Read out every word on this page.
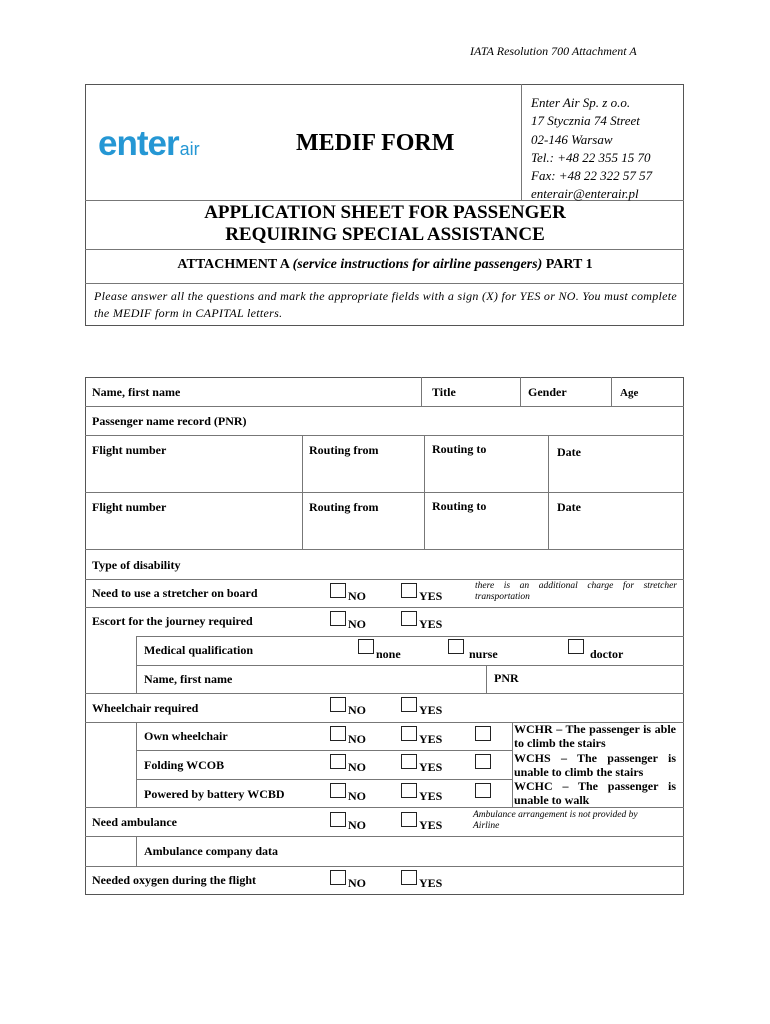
IATA Resolution 700 Attachment A
enterair	MEDIF FORM
Enter Air Sp. z o.o.
17 Stycznia 74 Street
02-146 Warsaw
Tel.: +48 22 355 15 70
Fax: +48 22 322 57 57
enterair@enterair.pl
APPLICATION SHEET FOR PASSENGER
REQUIRING SPECIAL ASSISTANCE
ATTACHMENT A (service instructions for airline passengers) PART 1
Please answer all the questions and mark the appropriate fields with a sign (X) for YES or NO. You must complete the MEDIF form in CAPITAL letters.
Name, first name	Title	Gender	Age
Passenger name record (PNR)
Flight number	Routing from	Routing to	Date
Flight number	Routing from	Routing to	Date
Type of disability
Need to use a stretcher on board	NO	YES
there is an additional charge for stretcher transportation
Escort for the journey required	NO	YES
Medical qualification	none	nurse	doctor
Name, first name	PNR
Wheelchair required	NO	YES
Own wheelchair	NO	YES
Folding WCOB	NO	YES
Powered by battery WCBD	NO	YES
WCHR – The passenger is able to climb the stairs
WCHS – The passenger is unable to climb the stairs
WCHC – The passenger is unable to walk
Need ambulance	NO	YES
Ambulance arrangement is not provided by Airline
Ambulance company data
Needed oxygen during the flight	NO	YES
